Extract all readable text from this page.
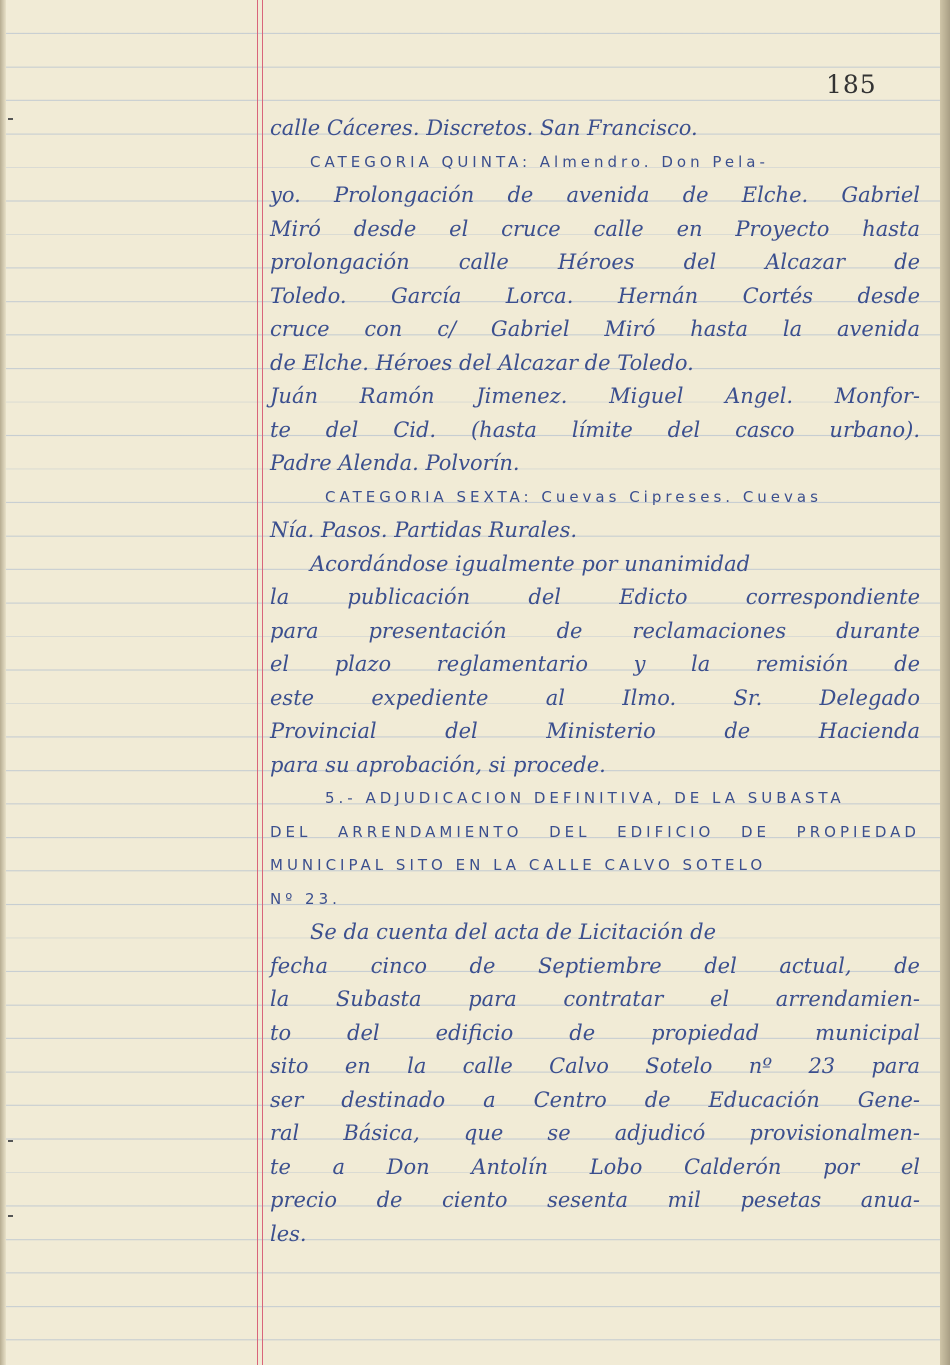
185
calle Cáceres. Discretos. San Francisco.
CATEGORIA QUINTA: Almendro. Don Pela-
yo. Prolongación de avenida de Elche. Gabriel
Miró desde el cruce calle en Proyecto hasta
prolongación calle Héroes del Alcazar de
Toledo. García Lorca. Hernán Cortés desde
cruce con c/ Gabriel Miró hasta la avenida
de Elche. Héroes del Alcazar de Toledo.
Juán Ramón Jimenez. Miguel Angel. Monfor-
te del Cid. (hasta límite del casco urbano).
Padre Alenda. Polvorín.
CATEGORIA SEXTA: Cuevas Cipreses. Cuevas
Nía. Pasos. Partidas Rurales.
Acordándose igualmente por unanimidad
la publicación del Edicto correspondiente
para presentación de reclamaciones durante
el plazo reglamentario y la remisión de
este expediente al Ilmo. Sr. Delegado
Provincial del Ministerio de Hacienda
para su aprobación, si procede.
5.- ADJUDICACION DEFINITIVA, DE LA SUBASTA
DEL ARRENDAMIENTO DEL EDIFICIO DE PROPIEDAD
MUNICIPAL SITO EN LA CALLE CALVO SOTELO
Nº 23.
Se da cuenta del acta de Licitación de
fecha cinco de Septiembre del actual, de
la Subasta para contratar el arrendamien-
to del edificio de propiedad municipal
sito en la calle Calvo Sotelo nº 23 para
ser destinado a Centro de Educación Gene-
ral Básica, que se adjudicó provisionalmen-
te a Don Antolín Lobo Calderón por el
precio de ciento sesenta mil pesetas anua-
les.
